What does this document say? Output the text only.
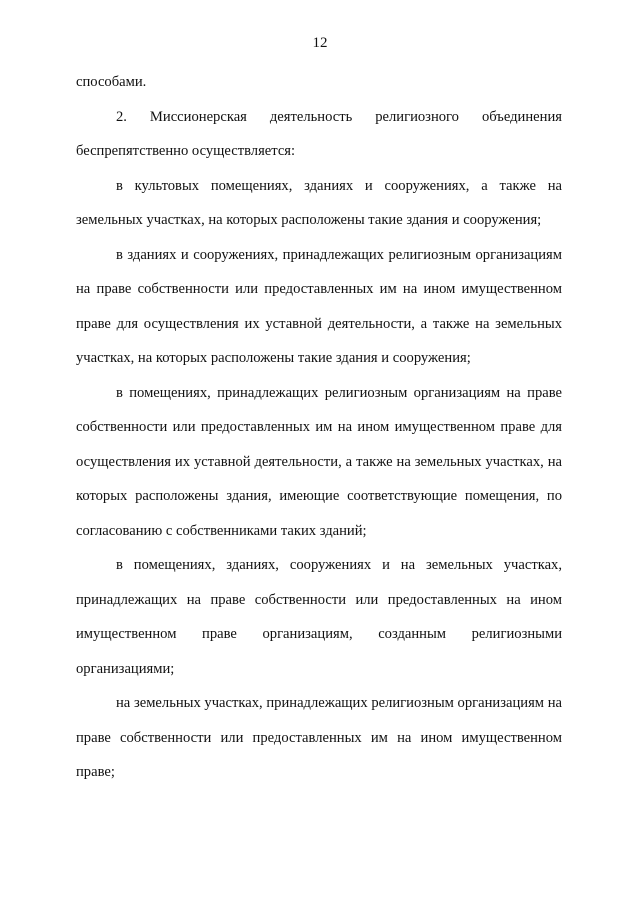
12

способами.

2. Миссионерская деятельность религиозного объединения беспрепятственно осуществляется:

в культовых помещениях, зданиях и сооружениях, а также на земельных участках, на которых расположены такие здания и сооружения;

в зданиях и сооружениях, принадлежащих религиозным организациям на праве собственности или предоставленных им на ином имущественном праве для осуществления их уставной деятельности, а также на земельных участках, на которых расположены такие здания и сооружения;

в помещениях, принадлежащих религиозным организациям на праве собственности или предоставленных им на ином имущественном праве для осуществления их уставной деятельности, а также на земельных участках, на которых расположены здания, имеющие соответствующие помещения, по согласованию с собственниками таких зданий;

в помещениях, зданиях, сооружениях и на земельных участках, принадлежащих на праве собственности или предоставленных на ином имущественном праве организациям, созданным религиозными организациями;

на земельных участках, принадлежащих религиозным организациям на праве собственности или предоставленных им на ином имущественном праве;
